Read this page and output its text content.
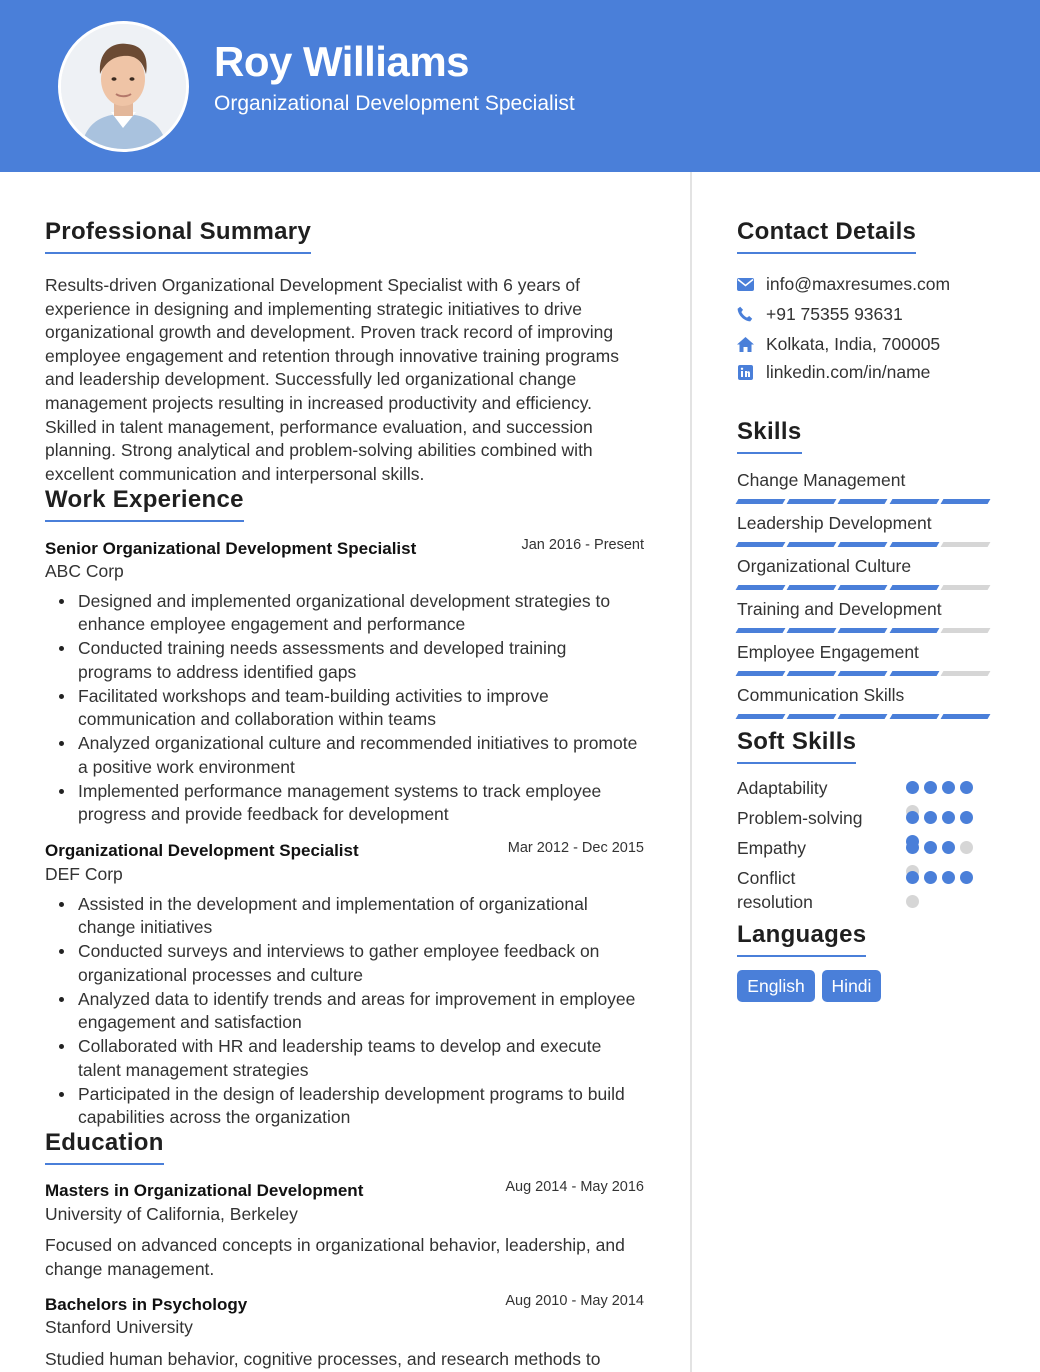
Roy Williams
Organizational Development Specialist
Professional Summary
Results-driven Organizational Development Specialist with 6 years of experience in designing and implementing strategic initiatives to drive organizational growth and development. Proven track record of improving employee engagement and retention through innovative training programs and leadership development. Successfully led organizational change management projects resulting in increased productivity and efficiency. Skilled in talent management, performance evaluation, and succession planning. Strong analytical and problem-solving abilities combined with excellent communication and interpersonal skills.
Work Experience
Senior Organizational Development Specialist	Jan 2016 - Present
ABC Corp
Designed and implemented organizational development strategies to enhance employee engagement and performance
Conducted training needs assessments and developed training programs to address identified gaps
Facilitated workshops and team-building activities to improve communication and collaboration within teams
Analyzed organizational culture and recommended initiatives to promote a positive work environment
Implemented performance management systems to track employee progress and provide feedback for development
Organizational Development Specialist	Mar 2012 - Dec 2015
DEF Corp
Assisted in the development and implementation of organizational change initiatives
Conducted surveys and interviews to gather employee feedback on organizational processes and culture
Analyzed data to identify trends and areas for improvement in employee engagement and satisfaction
Collaborated with HR and leadership teams to develop and execute talent management strategies
Participated in the design of leadership development programs to build capabilities across the organization
Education
Masters in Organizational Development	Aug 2014 - May 2016
University of California, Berkeley
Focused on advanced concepts in organizational behavior, leadership, and change management.
Bachelors in Psychology	Aug 2010 - May 2014
Stanford University
Studied human behavior, cognitive processes, and research methods to
Contact Details
info@maxresumes.com
+91 75355 93631
Kolkata, India, 700005
linkedin.com/in/name
Skills
Change Management
Leadership Development
Organizational Culture
Training and Development
Employee Engagement
Communication Skills
Soft Skills
Adaptability
Problem-solving
Empathy
Conflict resolution
Languages
English	Hindi
